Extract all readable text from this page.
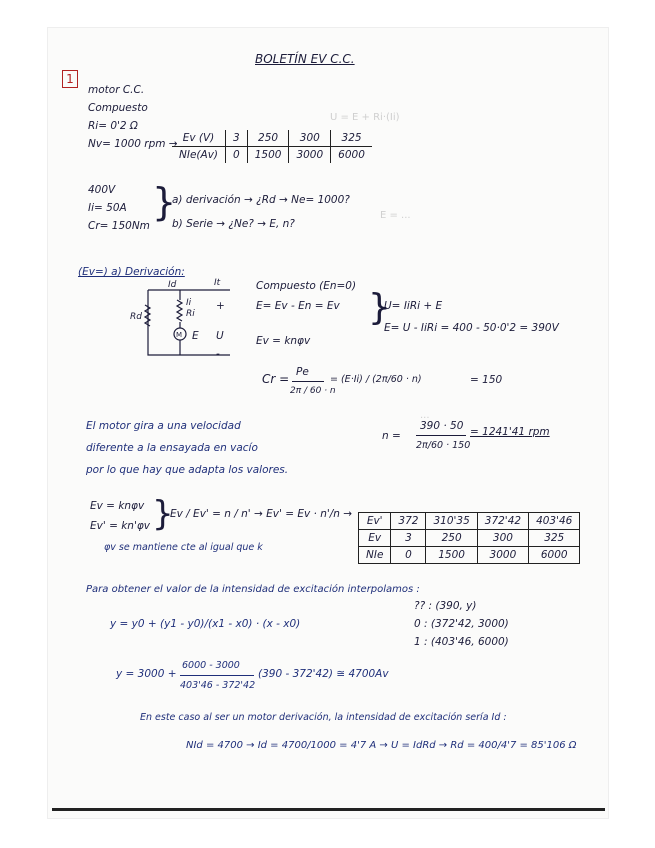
U = E + Ri·(Ii)
E = ...
...
BOLETÍN EV C.C.
1
motor C.C.
Compuesto
Ri= 0'2 Ω
Nv= 1000 rpm → Ev (V)	3	250	300	325
NIe(Av)	0	1500	3000	6000
400V
Ii= 50A
Cr= 150Nm
}
a) derivación → ¿Rd → Ne= 1000?
b) Serie → ¿Ne? → E, n?
(Ev=) a) Derivación:
M
Id	It
Ii
Ri
Rd
+
E U
-
Compuesto (En=0)
E= Ev - En = Ev
Ev = knφv
}
U= IiRi + E
E= U - IiRi = 400 - 50·0'2 = 390V
Cr = Pe
2π / 60 · n
= (E·Ii) / (2π/60 · n)	= 150
n =
390 · 50
2π/60 · 150
= 1241'41 rpm
El motor gira a una velocidad
diferente a la ensayada en vacío
por lo que hay que adapta los valores.
Ev = knφv
Ev' = kn'φv }
Ev / Ev' = n / n' → Ev' = Ev · n'/n →
φv se mantiene cte al igual que k
Ev'	372	310'35	372'42	403'46
Ev	3	250	300	325
NIe	0	1500	3000	6000
Para obtener el valor de la intensidad de excitación interpolamos :
y = y0 + (y1 - y0)/(x1 - x0) · (x - x0)
?? : (390, y)
0 : (372'42, 3000)
1 : (403'46, 6000)
y = 3000 +
6000 - 3000
403'46 - 372'42
(390 - 372'42) ≅ 4700Av
En este caso al ser un motor derivación, la intensidad de excitación sería Id :
NId = 4700 → Id = 4700/1000 = 4'7 A → U = IdRd → Rd = 400/4'7 = 85'106 Ω
